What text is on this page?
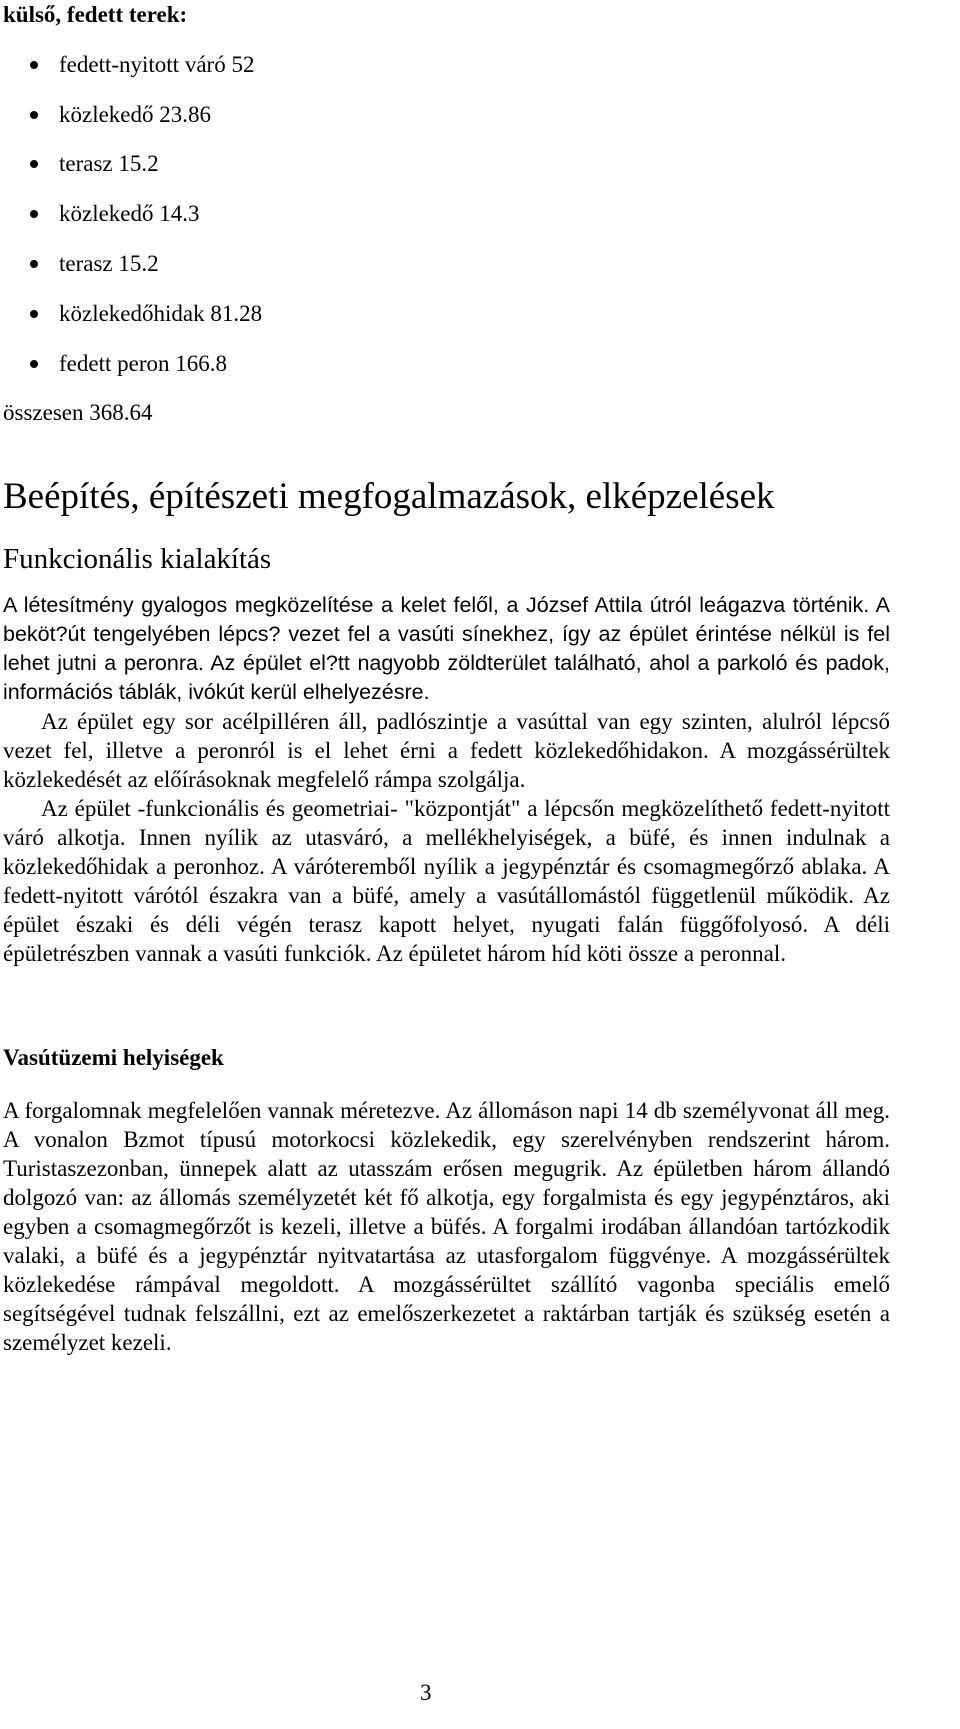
külső, fedett terek:
fedett-nyitott váró 52
közlekedő 23.86
terasz 15.2
közlekedő 14.3
terasz 15.2
közlekedőhidak 81.28
fedett peron 166.8
összesen 368.64
Beépítés, építészeti megfogalmazások, elképzelések
Funkcionális kialakítás

A létesítmény gyalogos megközelítése a kelet felől, a József Attila útról leágazva történik. A beköt?út tengelyében lépcs? vezet fel a vasúti sínekhez, így az épület érintése nélkül is fel lehet jutni a peronra. Az épület el?tt nagyobb zöldterület található, ahol a parkoló és padok, információs táblák, ivókút kerül elhelyezésre.

Az épület egy sor acélpilléren áll, padlószintje a vasúttal van egy szinten, alulról lépcső vezet fel, illetve a peronról is el lehet érni a fedett közlekedőhidakon. A mozgássérültek közlekedését az előírásoknak megfelelő rámpa szolgálja.

Az épület -funkcionális és geometriai- "központját" a lépcsőn megközelíthető fedett-nyitott váró alkotja. Innen nyílik az utasváró, a mellékhelyiségek, a büfé, és innen indulnak a közlekedőhidak a peronhoz. A váróteremből nyílik a jegypénztár és csomagmegőrző ablaka. A fedett-nyitott várótól északra van a büfé, amely a vasútállomástól függetlenül működik. Az épület északi és déli végén terasz kapott helyet, nyugati falán függőfolyosó. A déli épületrészben vannak a vasúti funkciók. Az épületet három híd köti össze a peronnal.

Vasútüzemi helyiségek

A forgalomnak megfelelően vannak méretezve. Az állomáson napi 14 db személyvonat áll meg. A vonalon Bzmot típusú motorkocsi közlekedik, egy szerelvényben rendszerint három. Turistaszezonban, ünnepek alatt az utasszám erősen megugrik. Az épületben három állandó dolgozó van: az állomás személyzetét két fő alkotja, egy forgalmista és egy jegypénztáros, aki egyben a csomagmegőrzőt is kezeli, illetve a büfés. A forgalmi irodában állandóan tartózkodik valaki, a büfé és a jegypénztár nyitvatartása az utasforgalom függvénye. A mozgássérültek közlekedése rámpával megoldott. A mozgássérültet szállító vagonba speciális emelő segítségével tudnak felszállni, ezt az emelőszerkezetet a raktárban tartják és szükség esetén a személyzet kezeli.

3
